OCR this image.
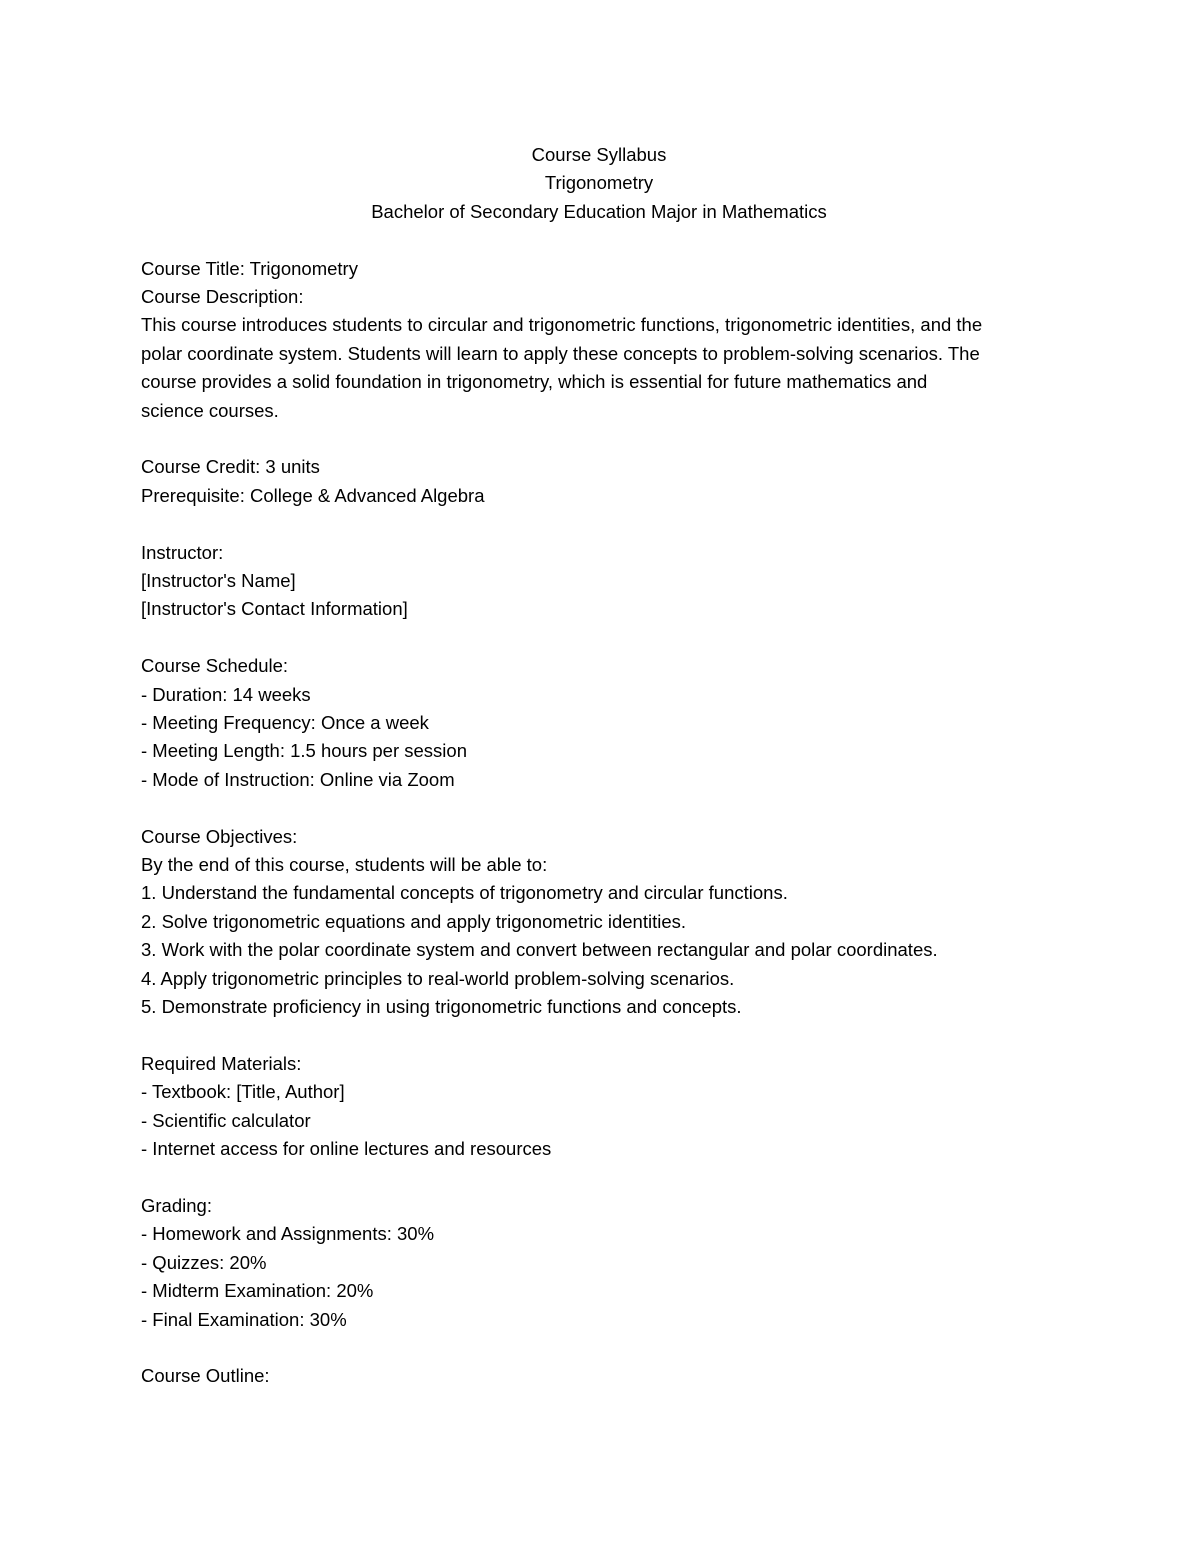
Course Syllabus
Trigonometry
Bachelor of Secondary Education Major in Mathematics
Course Title: Trigonometry
Course Description:
This course introduces students to circular and trigonometric functions, trigonometric identities, and the
polar coordinate system. Students will learn to apply these concepts to problem-solving scenarios. The
course provides a solid foundation in trigonometry, which is essential for future mathematics and
science courses.
Course Credit: 3 units
Prerequisite: College & Advanced Algebra
Instructor:
[Instructor's Name]
[Instructor's Contact Information]
Course Schedule:
- Duration: 14 weeks
- Meeting Frequency: Once a week
- Meeting Length: 1.5 hours per session
- Mode of Instruction: Online via Zoom
Course Objectives:
By the end of this course, students will be able to:
1. Understand the fundamental concepts of trigonometry and circular functions.
2. Solve trigonometric equations and apply trigonometric identities.
3. Work with the polar coordinate system and convert between rectangular and polar coordinates.
4. Apply trigonometric principles to real-world problem-solving scenarios.
5. Demonstrate proficiency in using trigonometric functions and concepts.
Required Materials:
- Textbook: [Title, Author]
- Scientific calculator
- Internet access for online lectures and resources
Grading:
- Homework and Assignments: 30%
- Quizzes: 20%
- Midterm Examination: 20%
- Final Examination: 30%
Course Outline:
